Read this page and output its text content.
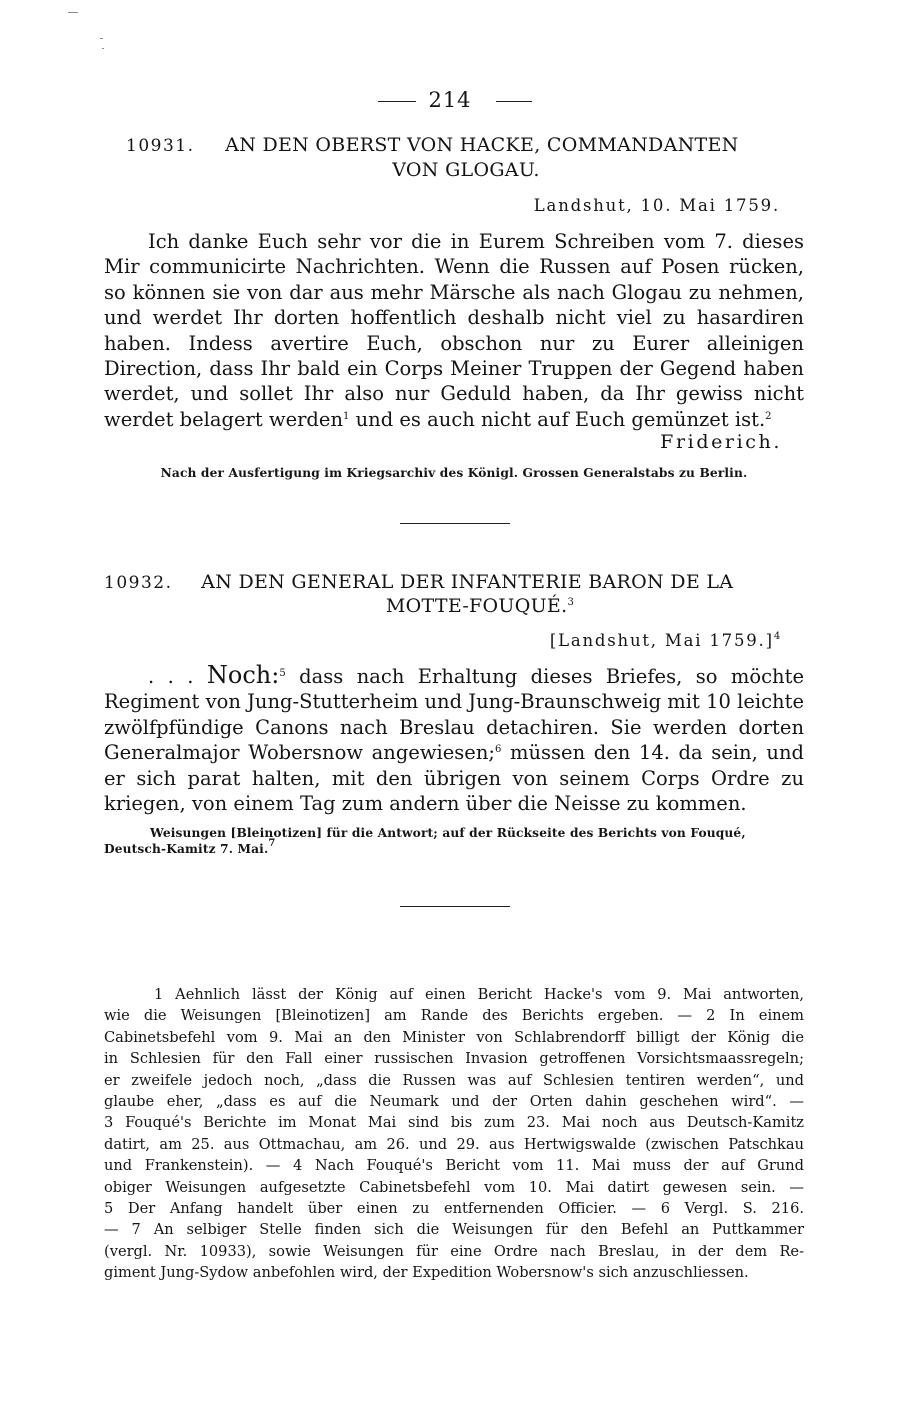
214
10931. AN DEN OBERST VON HACKE, COMMANDANTEN
VON GLOGAU.
Landshut, 10. Mai 1759.
Ich danke Euch sehr vor die in Eurem Schreiben vom 7. dieses Mir communicirte Nachrichten. Wenn die Russen auf Posen rücken, so können sie von dar aus mehr Märsche als nach Glogau zu nehmen, und werdet Ihr dorten hoffentlich deshalb nicht viel zu hasardiren haben. Indess avertire Euch, obschon nur zu Eurer alleinigen Direction, dass Ihr bald ein Corps Meiner Truppen der Gegend haben werdet, und sollet Ihr also nur Geduld haben, da Ihr gewiss nicht werdet belagert werden$^1$ und es auch nicht auf Euch gemünzet ist.$^2$
Friderich.
Nach der Ausfertigung im Kriegsarchiv des Königl. Grossen Generalstabs zu Berlin.
10932. AN DEN GENERAL DER INFANTERIE BARON DE LA
MOTTE-FOUQUÉ.$^3$
[Landshut, Mai 1759.]$^4$
. . . Noch:$^5$ dass nach Erhaltung dieses Briefes, so möchte Regiment von Jung-Stutterheim und Jung-Braunschweig mit 10 leichte zwölfpfündige Canons nach Breslau detachiren. Sie werden dorten Generalmajor Wobersnow angewiesen;$^6$ müssen den 14. da sein, und er sich parat halten, mit den übrigen von seinem Corps Ordre zu kriegen, von einem Tag zum andern über die Neisse zu kommen.
Weisungen [Bleinotizen] für die Antwort; auf der Rückseite des Berichts von Fouqué,
Deutsch-Kamitz 7. Mai.$^7$
1 Aehnlich lässt der König auf einen Bericht Hacke's vom 9. Mai antworten,
wie die Weisungen [Bleinotizen] am Rande des Berichts ergeben. — 2 In einem
Cabinetsbefehl vom 9. Mai an den Minister von Schlabrendorff billigt der König die
in Schlesien für den Fall einer russischen Invasion getroffenen Vorsichtsmaassregeln;
er zweifele jedoch noch, „dass die Russen was auf Schlesien tentiren werden“, und
glaube eher, „dass es auf die Neumark und der Orten dahin geschehen wird“. —
3 Fouqué's Berichte im Monat Mai sind bis zum 23. Mai noch aus Deutsch-Kamitz
datirt, am 25. aus Ottmachau, am 26. und 29. aus Hertwigswalde (zwischen Patschkau
und Frankenstein). — 4 Nach Fouqué's Bericht vom 11. Mai muss der auf Grund
obiger Weisungen aufgesetzte Cabinetsbefehl vom 10. Mai datirt gewesen sein. —
5 Der Anfang handelt über einen zu entfernenden Officier. — 6 Vergl. S. 216.
— 7 An selbiger Stelle finden sich die Weisungen für den Befehl an Puttkammer
(vergl. Nr. 10933), sowie Weisungen für eine Ordre nach Breslau, in der dem Re-
giment Jung-Sydow anbefohlen wird, der Expedition Wobersnow's sich anzuschliessen.
